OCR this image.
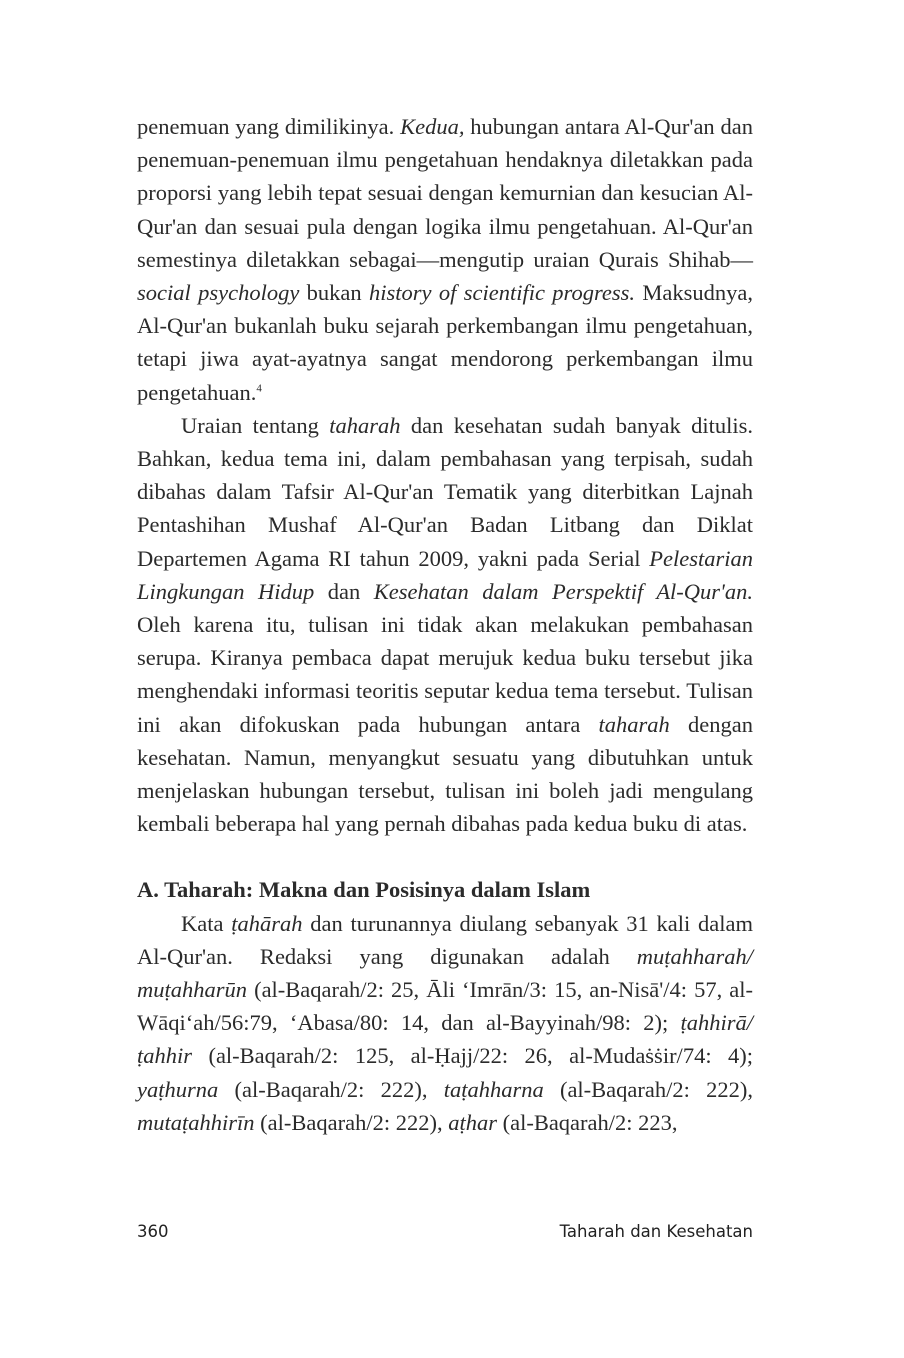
penemuan yang dimilikinya. Kedua, hubungan antara Al-Qur'an dan penemuan-penemuan ilmu pengetahuan hendaknya diletakkan pada proporsi yang lebih tepat sesuai dengan kemurnian dan kesucian Al-Qur'an dan sesuai pula dengan logika ilmu pengetahuan. Al-Qur'an semestinya diletakkan sebagai—mengutip uraian Qurais Shihab—social psychology bukan history of scientific progress. Maksudnya, Al-Qur'an bukanlah buku sejarah perkembangan ilmu pengetahuan, tetapi jiwa ayat-ayatnya sangat mendorong perkembangan ilmu pengetahuan.$^4$

Uraian tentang taharah dan kesehatan sudah banyak ditulis. Bahkan, kedua tema ini, dalam pembahasan yang terpisah, sudah dibahas dalam Tafsir Al-Qur'an Tematik yang diterbitkan Lajnah Pentashihan Mushaf Al-Qur'an Badan Litbang dan Diklat Departemen Agama RI tahun 2009, yakni pada Serial Pelestarian Lingkungan Hidup dan Kesehatan dalam Perspektif Al-Qur'an. Oleh karena itu, tulisan ini tidak akan melakukan pembahasan serupa. Kiranya pembaca dapat merujuk kedua buku tersebut jika menghendaki informasi teoritis seputar kedua tema tersebut. Tulisan ini akan difokuskan pada hubungan antara taharah dengan kesehatan. Namun, menyangkut sesuatu yang dibutuhkan untuk menjelaskan hubungan tersebut, tulisan ini boleh jadi mengulang kembali beberapa hal yang pernah dibahas pada kedua buku di atas.

A. Taharah: Makna dan Posisinya dalam Islam

Kata ṭahārah dan turunannya diulang sebanyak 31 kali dalam Al-Qur'an. Redaksi yang digunakan adalah muṭahharah/ muṭahharūn (al-Baqarah/2: 25, Āli ‘Imrān/3: 15, an-Nisā'/4: 57, al-Wāqi‘ah/56:79, ‘Abasa/80: 14, dan al-Bayyinah/98: 2); ṭahhirā/ ṭahhir (al-Baqarah/2: 125, al-Ḥajj/22: 26, al-Mudaṡṡir/74: 4); yaṭhurna (al-Baqarah/2: 222), taṭahharna (al-Baqarah/2: 222), mutaṭahhirīn (al-Baqarah/2: 222), aṭhar (al-Baqarah/2: 223,

360	Taharah dan Kesehatan
